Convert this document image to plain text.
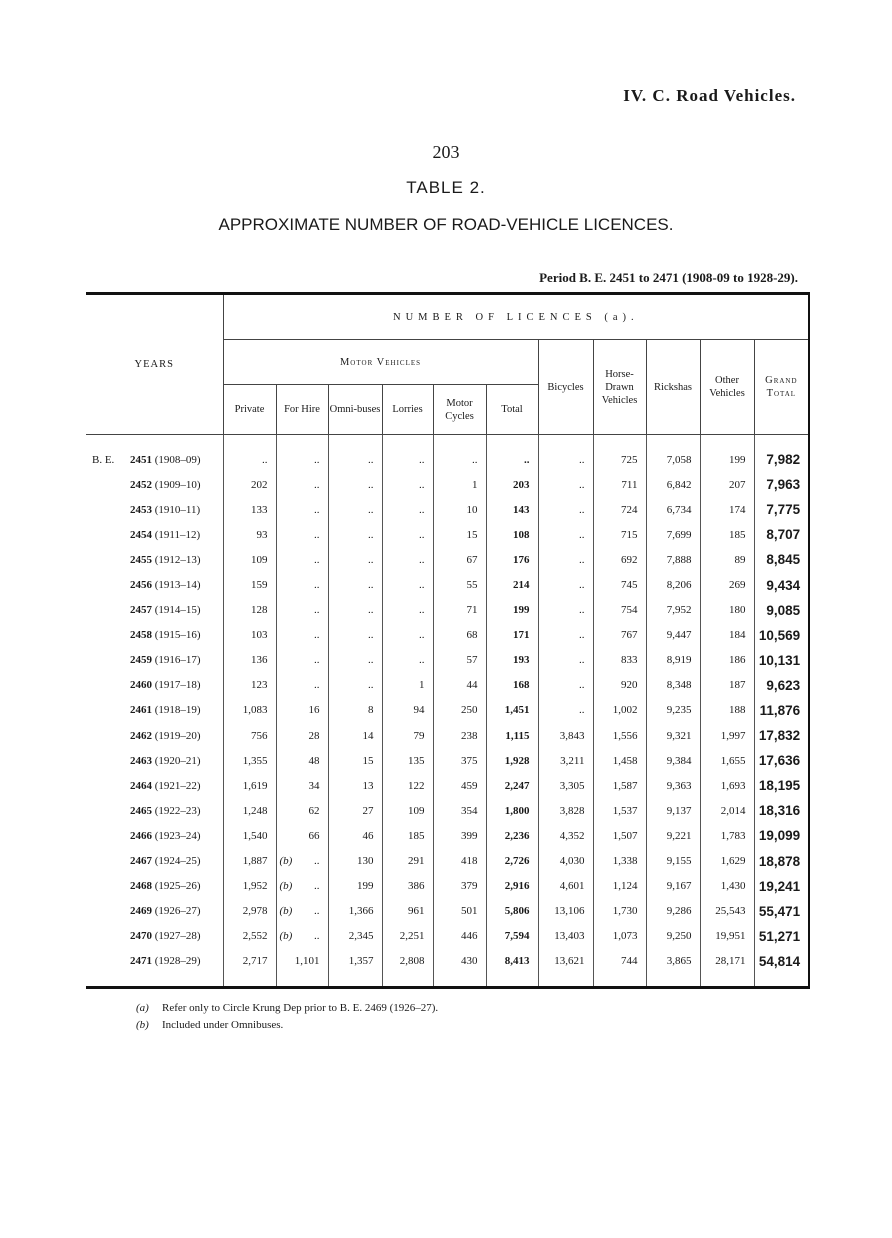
IV. C. Road Vehicles.
203
TABLE 2.
APPROXIMATE NUMBER OF ROAD-VEHICLE LICENCES.
Period B. E. 2451 to 2471 (1908-09 to 1928-29).
YEARS	NUMBER OF LICENCES (a).										
	Motor Vehicles						Bicycles	Horse-Drawn Vehicles	Rickshas	Other Vehicles	Grand Total
	Private	For Hire	Omni-buses	Lorries	Motor Cycles	Total					

B. E. 2451 (1908–09)	..	..	..	..	..	..	..	725	7,058	199	7,982
2452 (1909–10)	202	..	..	..	1	203	..	711	6,842	207	7,963
2453 (1910–11)	133	..	..	..	10	143	..	724	6,734	174	7,775
2454 (1911–12)	93	..	..	..	15	108	..	715	7,699	185	8,707
2455 (1912–13)	109	..	..	..	67	176	..	692	7,888	89	8,845
2456 (1913–14)	159	..	..	..	55	214	..	745	8,206	269	9,434
2457 (1914–15)	128	..	..	..	71	199	..	754	7,952	180	9,085
2458 (1915–16)	103	..	..	..	68	171	..	767	9,447	184	10,569
2459 (1916–17)	136	..	..	..	57	193	..	833	8,919	186	10,131
2460 (1917–18)	123	..	..	1	44	168	..	920	8,348	187	9,623
2461 (1918–19)	1,083	16	8	94	250	1,451	..	1,002	9,235	188	11,876
2462 (1919–20)	756	28	14	79	238	1,115	3,843	1,556	9,321	1,997	17,832
2463 (1920–21)	1,355	48	15	135	375	1,928	3,211	1,458	9,384	1,655	17,636
2464 (1921–22)	1,619	34	13	122	459	2,247	3,305	1,587	9,363	1,693	18,195
2465 (1922–23)	1,248	62	27	109	354	1,800	3,828	1,537	9,137	2,014	18,316
2466 (1923–24)	1,540	66	46	185	399	2,236	4,352	1,507	9,221	1,783	19,099
2467 (1924–25)	1,887	(b) ..	130	291	418	2,726	4,030	1,338	9,155	1,629	18,878
2468 (1925–26)	1,952	(b) ..	199	386	379	2,916	4,601	1,124	9,167	1,430	19,241
2469 (1926–27)	2,978	(b) ..	1,366	961	501	5,806	13,106	1,730	9,286	25,543	55,471
2470 (1927–28)	2,552	(b) ..	2,345	2,251	446	7,594	13,403	1,073	9,250	19,951	51,271
2471 (1928–29)	2,717	1,101	1,357	2,808	430	8,413	13,621	744	3,865	28,171	54,814

(a) Refer only to Circle Krung Dep prior to B. E. 2469 (1926–27).
(b) Included under Omnibuses.
